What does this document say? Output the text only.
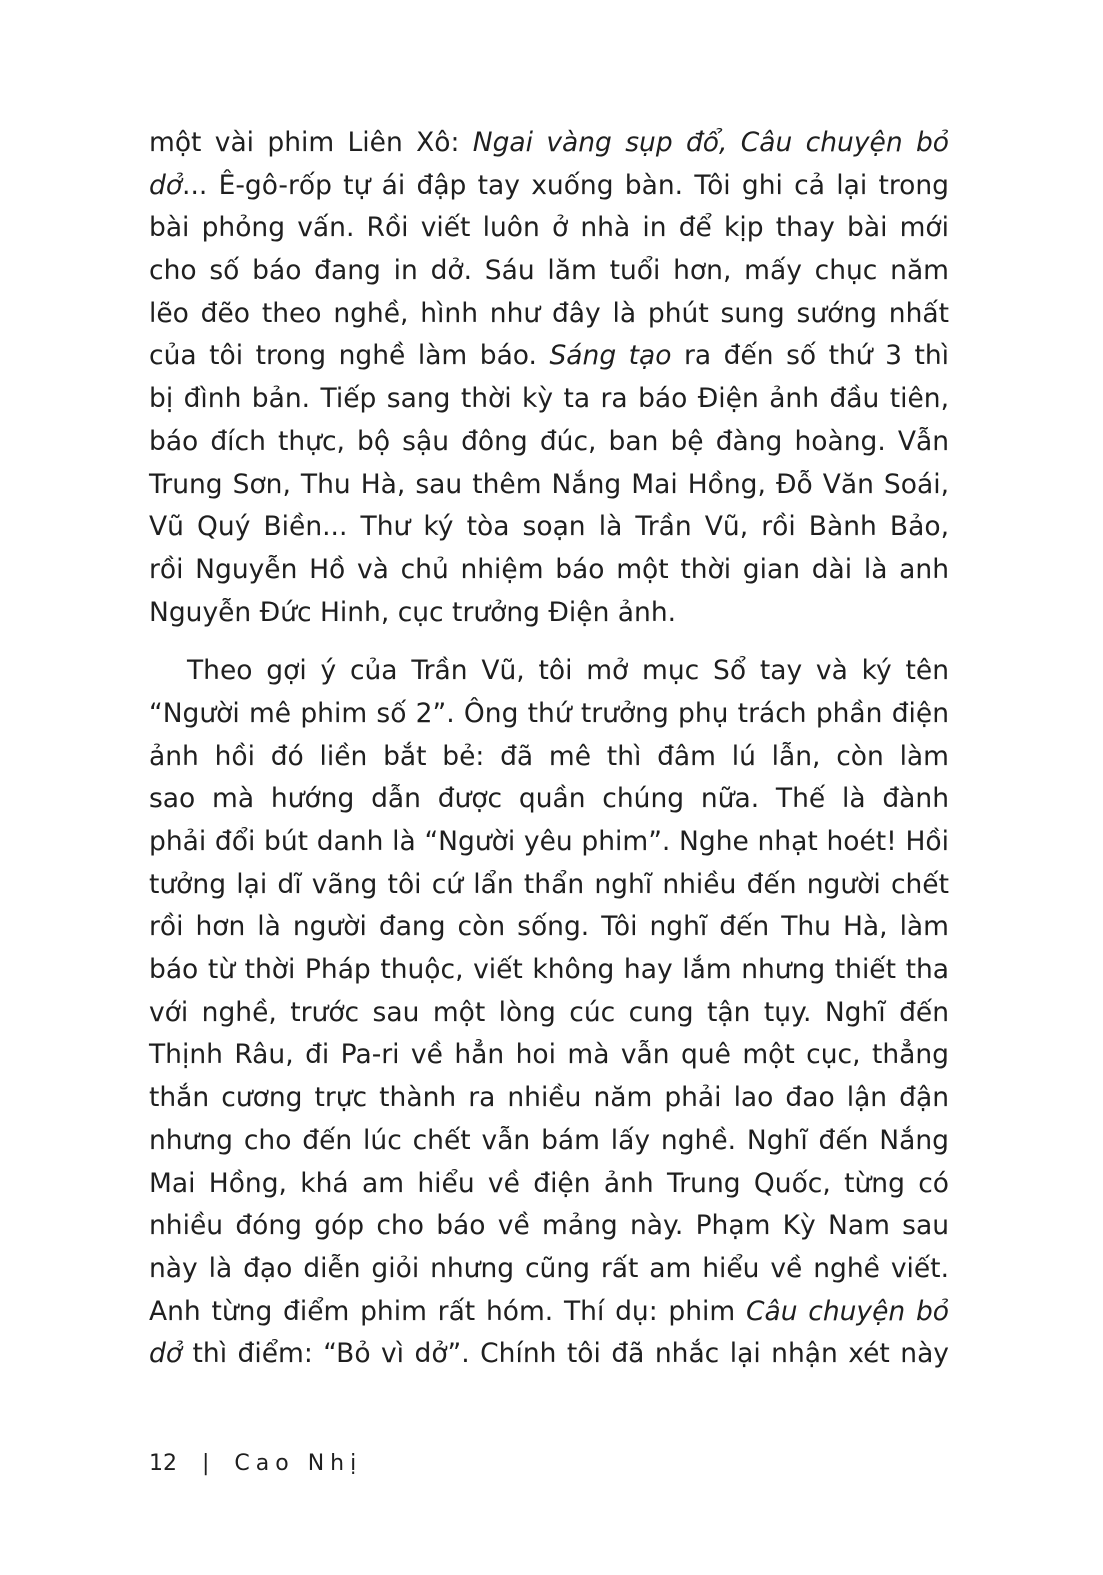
một vài phim Liên Xô: Ngai vàng sụp đổ, Câu chuyện bỏ
dở... Ê-gô-rốp tự ái đập tay xuống bàn. Tôi ghi cả lại trong
bài phỏng vấn. Rồi viết luôn ở nhà in để kịp thay bài mới
cho số báo đang in dở. Sáu lăm tuổi hơn, mấy chục năm
lẽo đẽo theo nghề, hình như đây là phút sung sướng nhất
của tôi trong nghề làm báo. Sáng tạo ra đến số thứ 3 thì
bị đình bản. Tiếp sang thời kỳ ta ra báo Điện ảnh đầu tiên,
báo đích thực, bộ sậu đông đúc, ban bệ đàng hoàng. Vẫn
Trung Sơn, Thu Hà, sau thêm Nắng Mai Hồng, Đỗ Văn Soái,
Vũ Quý Biền... Thư ký tòa soạn là Trần Vũ, rồi Bành Bảo,
rồi Nguyễn Hồ và chủ nhiệm báo một thời gian dài là anh
Nguyễn Đức Hinh, cục trưởng Điện ảnh.
Theo gợi ý của Trần Vũ, tôi mở mục Sổ tay và ký tên
“Người mê phim số 2”. Ông thứ trưởng phụ trách phần điện
ảnh hồi đó liền bắt bẻ: đã mê thì đâm lú lẫn, còn làm
sao mà hướng dẫn được quần chúng nữa. Thế là đành
phải đổi bút danh là “Người yêu phim”. Nghe nhạt hoét! Hồi
tưởng lại dĩ vãng tôi cứ lẩn thẩn nghĩ nhiều đến người chết
rồi hơn là người đang còn sống. Tôi nghĩ đến Thu Hà, làm
báo từ thời Pháp thuộc, viết không hay lắm nhưng thiết tha
với nghề, trước sau một lòng cúc cung tận tụy. Nghĩ đến
Thịnh Râu, đi Pa-ri về hẳn hoi mà vẫn quê một cục, thẳng
thắn cương trực thành ra nhiều năm phải lao đao lận đận
nhưng cho đến lúc chết vẫn bám lấy nghề. Nghĩ đến Nắng
Mai Hồng, khá am hiểu về điện ảnh Trung Quốc, từng có
nhiều đóng góp cho báo về mảng này. Phạm Kỳ Nam sau
này là đạo diễn giỏi nhưng cũng rất am hiểu về nghề viết.
Anh từng điểm phim rất hóm. Thí dụ: phim Câu chuyện bỏ
dở thì điểm: “Bỏ vì dở”. Chính tôi đã nhắc lại nhận xét này
12 | Cao Nhị
